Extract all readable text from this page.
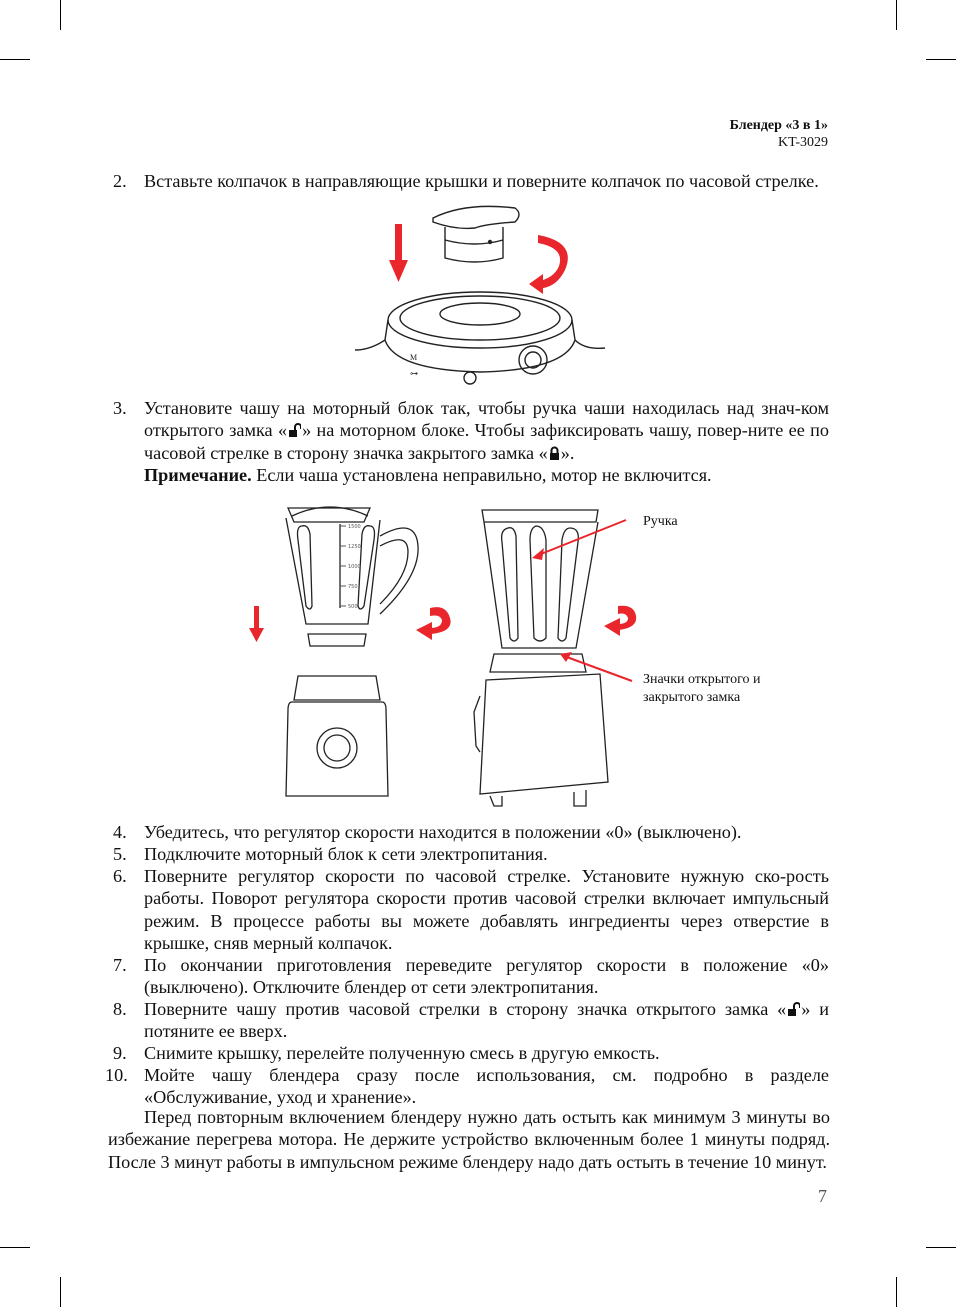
Блендер «3 в 1»
KT-3029
2. Вставьте колпачок в направляющие крышки и поверните колпачок по часовой стрелке.
M
⊶
3. Установите чашу на моторный блок так, чтобы ручка чаши находилась над знач-ком открытого замка « » на моторном блоке. Чтобы зафиксировать чашу, повер-ните ее по часовой стрелке в сторону значка закрытого замка « ».
Примечание. Если чаша установлена неправильно, мотор не включится.
1500
1250
1000
750
500
Ручка
Значки открытого и закрытого замка
4. Убедитесь, что регулятор скорости находится в положении «0» (выключено).
5. Подключите моторный блок к сети электропитания.
6. Поверните регулятор скорости по часовой стрелке. Установите нужную ско-рость работы. Поворот регулятора скорости против часовой стрелки включает импульсный режим. В процессе работы вы можете добавлять ингредиенты через отверстие в крышке, сняв мерный колпачок.
7. По окончании приготовления переведите регулятор скорости в положение «0» (выключено). Отключите блендер от сети электропитания.
8. Поверните чашу против часовой стрелки в сторону значка открытого замка « » и потяните ее вверх.
9. Снимите крышку, перелейте полученную смесь в другую емкость.
10. Мойте чашу блендера сразу после использования, см. подробно в разделе «Обслуживание, уход и хранение».
Перед повторным включением блендеру нужно дать остыть как минимум 3 минуты во избежание перегрева мотора. Не держите устройство включенным более 1 минуты подряд. После 3 минут работы в импульсном режиме блендеру надо дать остыть в течение 10 минут.
7
